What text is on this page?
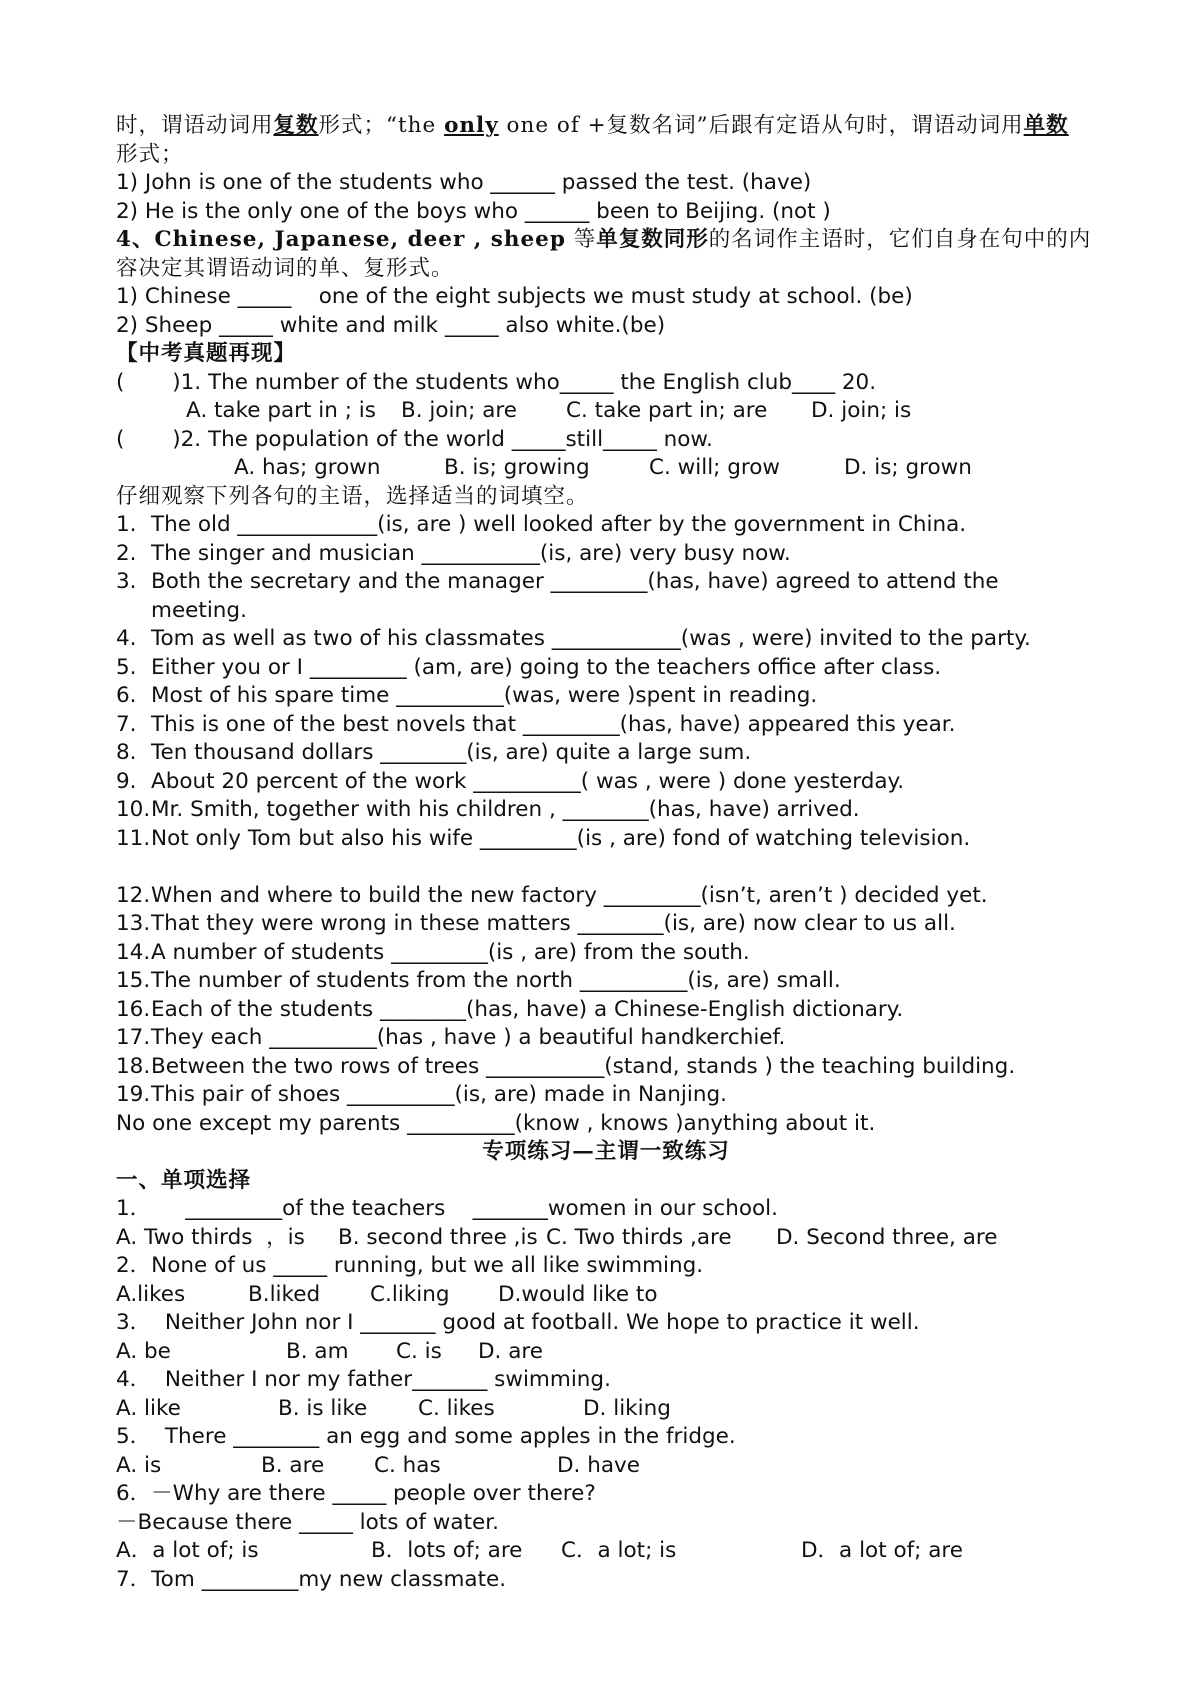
时，谓语动词用复数形式；“the only one of +复数名词”后跟有定语从句时，谓语动词用单数
形式；
1) John is one of the students who ______ passed the test. (have)
2) He is the only one of the boys who ______ been to Beijing. (not )
4、Chinese, Japanese, deer , sheep 等单复数同形的名词作主语时，它们自身在句中的内
容决定其谓语动词的单、复形式。
1) Chinese _____    one of the eight subjects we must study at school. (be)
2) Sheep _____ white and milk _____ also white.(be)
【中考真题再现】
(       )1. The number of the students who_____ the English club____ 20.
A. take part in ; is B. join; are C. take part in; are D. join; is
(       )2. The population of the world _____still_____ now.
A. has; grown	B. is; growing	C. will; grow	D. is; grown
仔细观察下列各句的主语，选择适当的词填空。
1. The old _____________(is, are ) well looked after by the government in China.
2. The singer and musician ___________(is, are) very busy now.
3. Both the secretary and the manager _________(has, have) agreed to attend the meeting.
4. Tom as well as two of his classmates ____________(was , were) invited to the party.
5. Either you or I _________ (am, are) going to the teachers office after class.
6. Most of his spare time __________(was, were )spent in reading.
7. This is one of the best novels that _________(has, have) appeared this year.
8. Ten thousand dollars ________(is, are) quite a large sum.
9. About 20 percent of the work __________( was , were ) done yesterday.
10. Mr. Smith, together with his children , ________(has, have) arrived.
11. Not only Tom but also his wife _________(is , are) fond of watching television.
12. When and where to build the new factory _________(isn’t, aren’t ) decided yet.
13. That they were wrong in these matters ________(is, are) now clear to us all.
14. A number of students _________(is , are) from the south.
15. The number of students from the north __________(is, are) small.
16. Each of the students ________(has, have) a Chinese-English dictionary.
17. They each __________(has , have ) a beautiful handkerchief.
18. Between the two rows of trees ___________(stand, stands ) the teaching building.
19. This pair of shoes __________(is, are) made in Nanjing.
No one except my parents __________(know , knows )anything about it.
专项练习—主谓一致练习
一、单项选择
1．     _________of the teachers    _______women in our school.
A. Two thirds  ，is B. second three ,is C. Two thirds ,are D. Second three, are
2．None of us _____ running, but we all like swimming.
A.likes	B.liked C.liking D.would like to
3．  Neither John nor I _______ good at football. We hope to practice it well.
A. be	B. am C. is D. are
4．  Neither I nor my father_______ swimming.
A. like	B. is like C. likes	D. liking
5．  There ________ an egg and some apples in the fridge.
A. is	B. are C. has	D. have
6．－Why are there _____ people over there?
－Because there _____ lots of water.
A．a lot of; is	B．lots of; are C．a lot; is	D．a lot of; are
7．Tom _________my new classmate.
